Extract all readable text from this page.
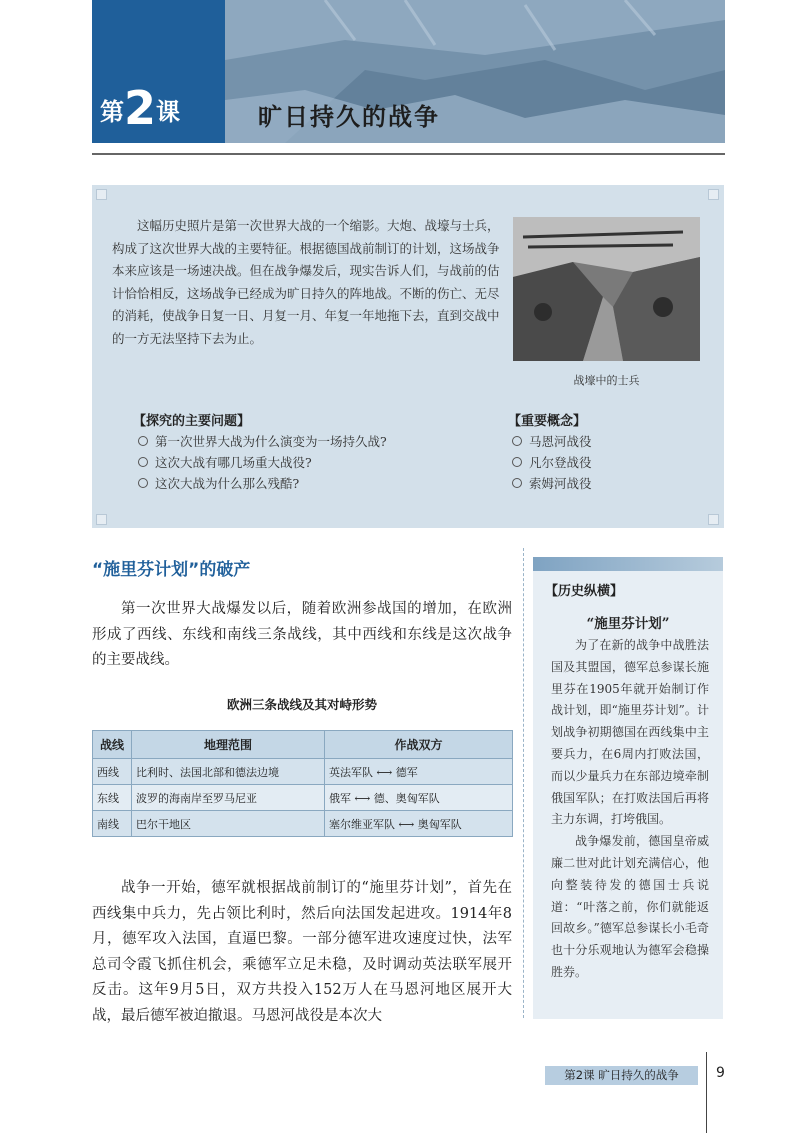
第2课	旷日持久的战争
这幅历史照片是第一次世界大战的一个缩影。大炮、战壕与士兵，构成了这次世界大战的主要特征。根据德国战前制订的计划，这场战争本来应该是一场速决战。但在战争爆发后，现实告诉人们，与战前的估计恰恰相反，这场战争已经成为旷日持久的阵地战。不断的伤亡、无尽的消耗，使战争日复一日、月复一月、年复一年地拖下去，直到交战中的一方无法坚持下去为止。
战壕中的士兵
【探究的主要问题】
第一次世界大战为什么演变为一场持久战?
这次大战有哪几场重大战役?
这次大战为什么那么残酷?
【重要概念】
马恩河战役
凡尔登战役
索姆河战役
“施里芬计划”的破产
第一次世界大战爆发以后，随着欧洲参战国的增加，在欧洲形成了西线、东线和南线三条战线，其中西线和东线是这次战争的主要战线。
欧洲三条战线及其对峙形势
战线	地理范围	作战双方
西线	比利时、法国北部和德法边境	英法军队 ⟷ 德军
东线	波罗的海南岸至罗马尼亚	俄军 ⟷ 德、奥匈军队
南线	巴尔干地区	塞尔维亚军队 ⟷ 奥匈军队
战争一开始，德军就根据战前制订的“施里芬计划”，首先在西线集中兵力，先占领比利时，然后向法国发起进攻。1914年8月，德军攻入法国，直逼巴黎。一部分德军进攻速度过快，法军总司令霞飞抓住机会，乘德军立足未稳，及时调动英法联军展开反击。这年9月5日，双方共投入152万人在马恩河地区展开大战，最后德军被迫撤退。马恩河战役是本次大
【历史纵横】
“施里芬计划”
为了在新的战争中战胜法国及其盟国，德军总参谋长施里芬在1905年就开始制订作战计划，即“施里芬计划”。计划战争初期德国在西线集中主要兵力，在6周内打败法国，而以少量兵力在东部边境牵制俄国军队；在打败法国后再将主力东调，打垮俄国。
战争爆发前，德国皇帝威廉二世对此计划充满信心，他向整装待发的德国士兵说道：“叶落之前，你们就能返回故乡。”德军总参谋长小毛奇也十分乐观地认为德军会稳操胜券。
第2课 旷日持久的战争	9
